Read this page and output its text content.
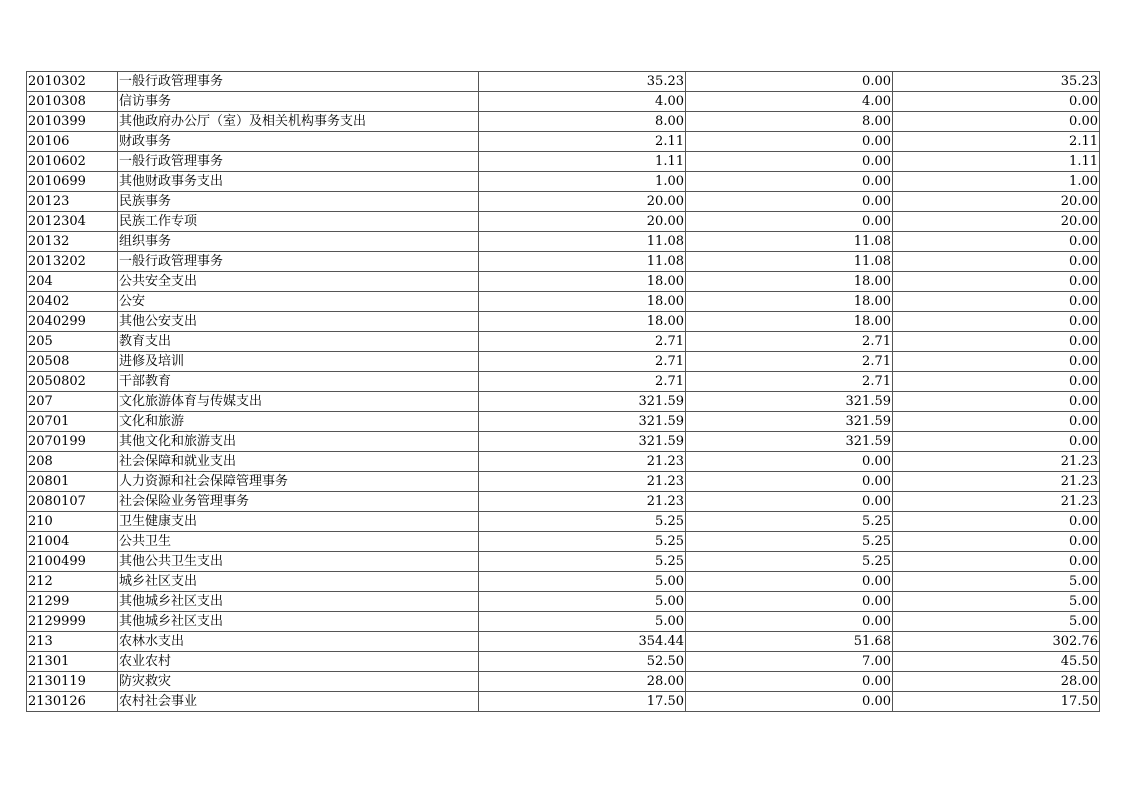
2010302	一般行政管理事务	35.23	0.00	35.23
2010308	信访事务	4.00	4.00	0.00
2010399	其他政府办公厅（室）及相关机构事务支出	8.00	8.00	0.00
20106	财政事务	2.11	0.00	2.11
2010602	一般行政管理事务	1.11	0.00	1.11
2010699	其他财政事务支出	1.00	0.00	1.00
20123	民族事务	20.00	0.00	20.00
2012304	民族工作专项	20.00	0.00	20.00
20132	组织事务	11.08	11.08	0.00
2013202	一般行政管理事务	11.08	11.08	0.00
204	公共安全支出	18.00	18.00	0.00
20402	公安	18.00	18.00	0.00
2040299	其他公安支出	18.00	18.00	0.00
205	教育支出	2.71	2.71	0.00
20508	进修及培训	2.71	2.71	0.00
2050802	干部教育	2.71	2.71	0.00
207	文化旅游体育与传媒支出	321.59	321.59	0.00
20701	文化和旅游	321.59	321.59	0.00
2070199	其他文化和旅游支出	321.59	321.59	0.00
208	社会保障和就业支出	21.23	0.00	21.23
20801	人力资源和社会保障管理事务	21.23	0.00	21.23
2080107	社会保险业务管理事务	21.23	0.00	21.23
210	卫生健康支出	5.25	5.25	0.00
21004	公共卫生	5.25	5.25	0.00
2100499	其他公共卫生支出	5.25	5.25	0.00
212	城乡社区支出	5.00	0.00	5.00
21299	其他城乡社区支出	5.00	0.00	5.00
2129999	其他城乡社区支出	5.00	0.00	5.00
213	农林水支出	354.44	51.68	302.76
21301	农业农村	52.50	7.00	45.50
2130119	防灾救灾	28.00	0.00	28.00
2130126	农村社会事业	17.50	0.00	17.50
